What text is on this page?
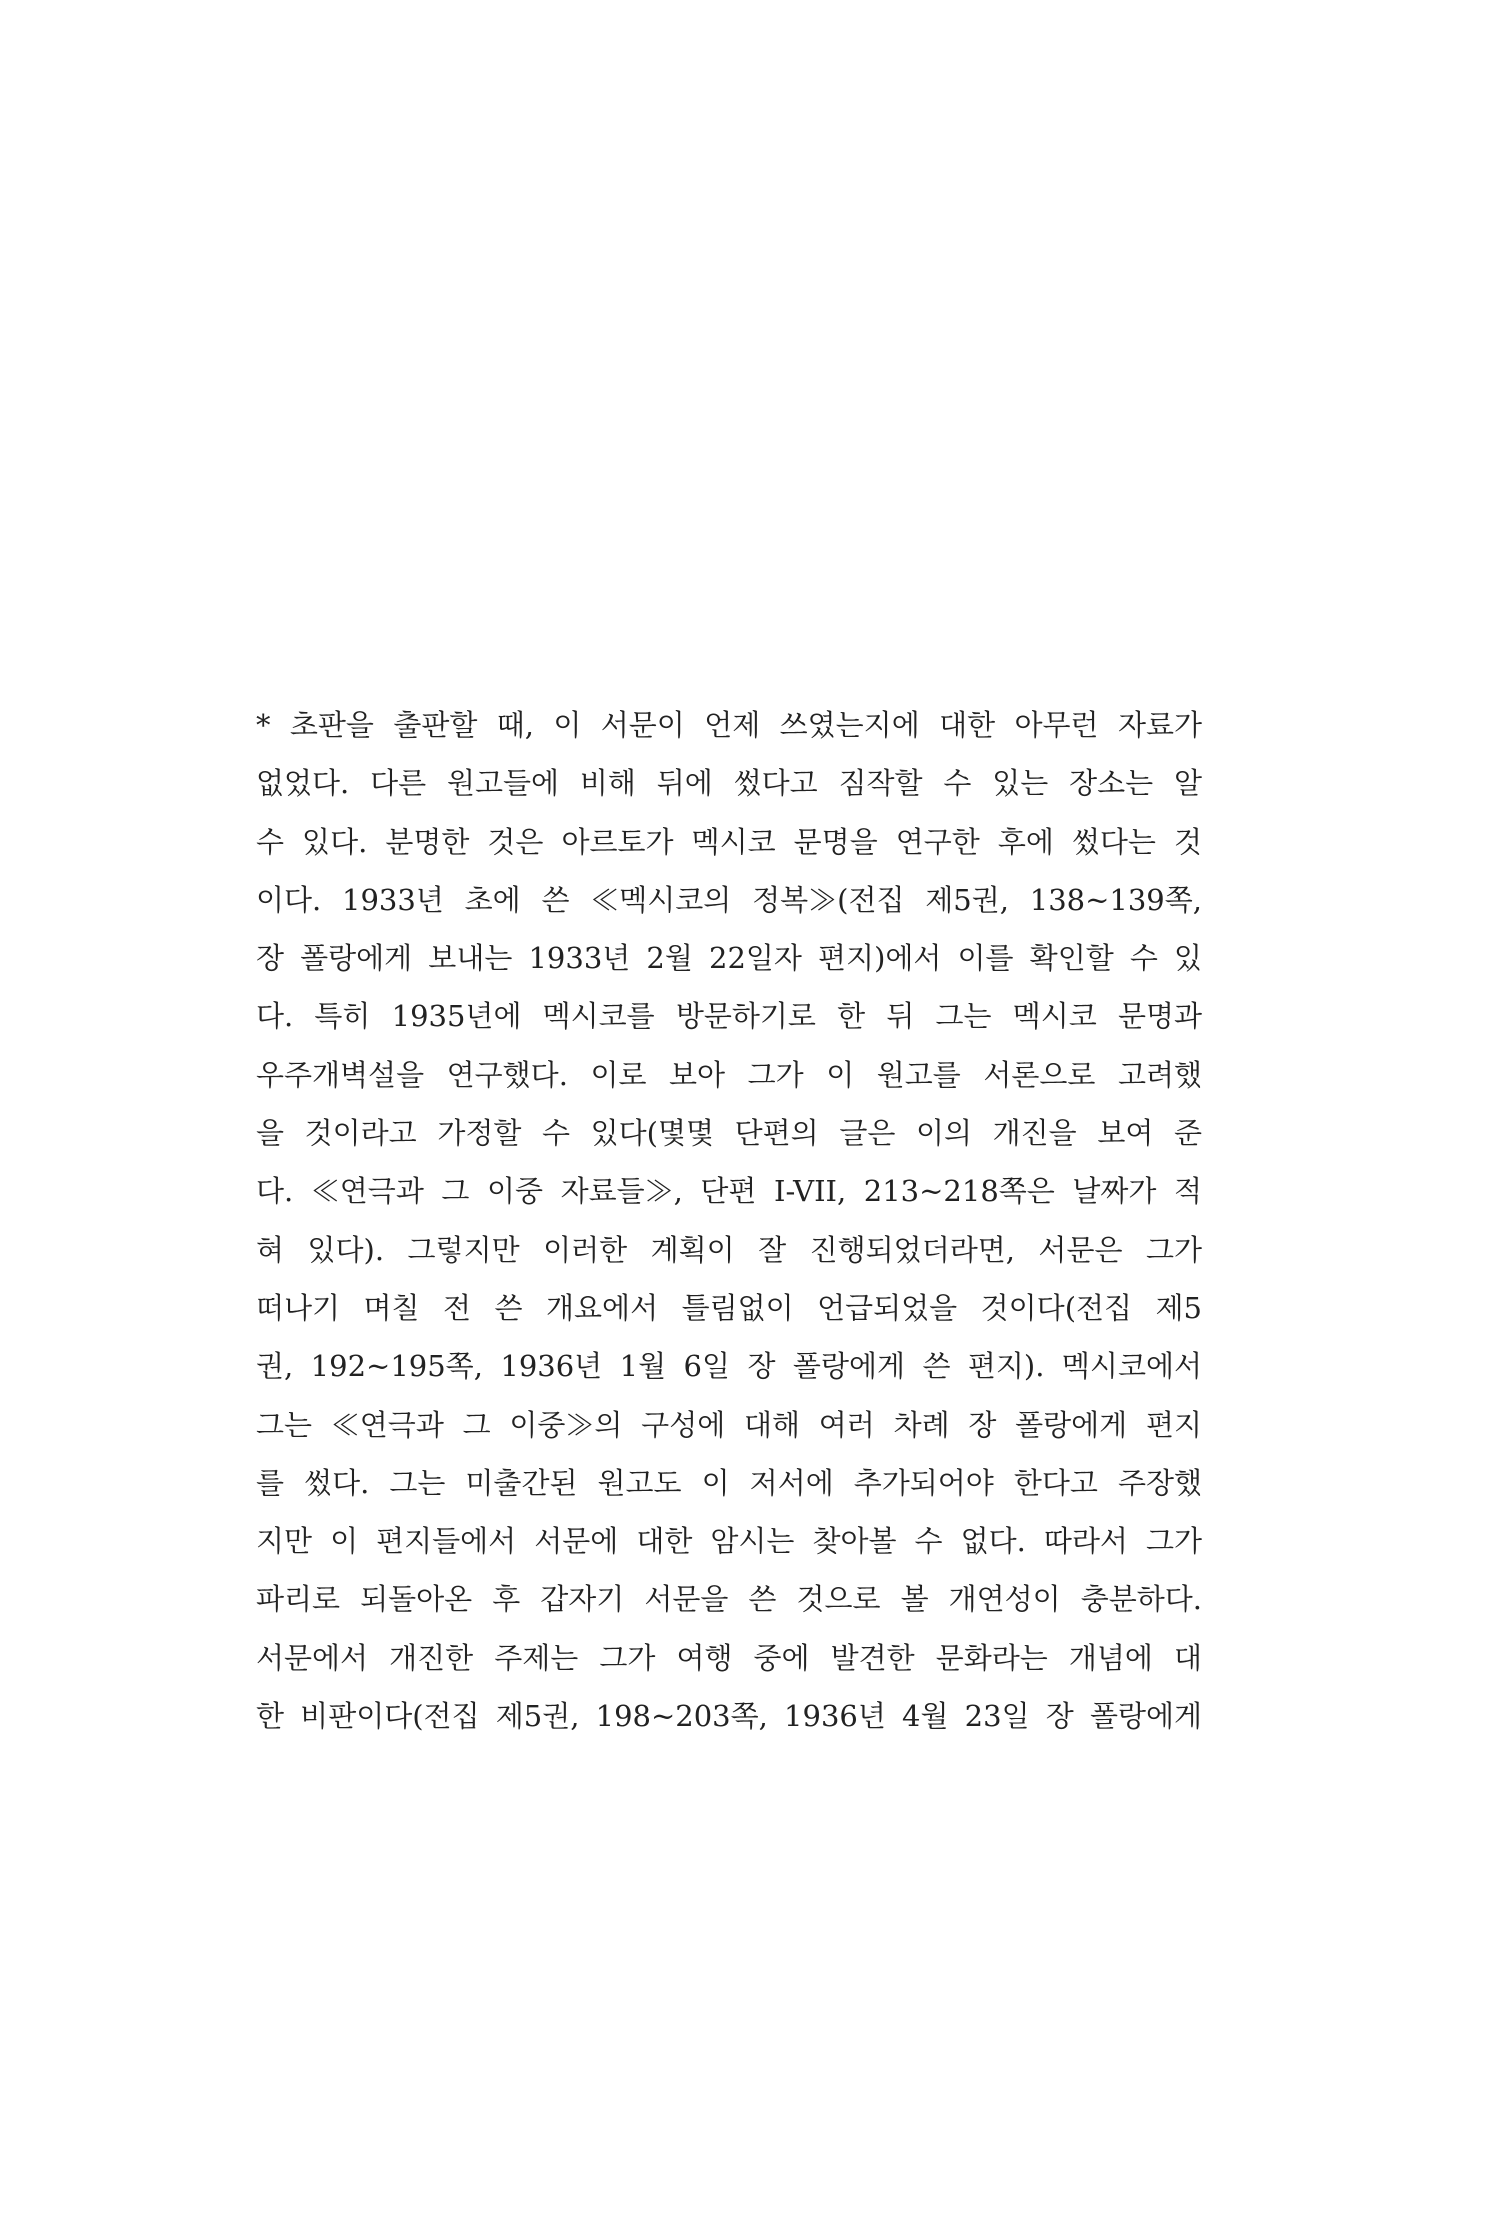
* 초판을 출판할 때, 이 서문이 언제 쓰였는지에 대한 아무런 자료가
없었다. 다른 원고들에 비해 뒤에 썼다고 짐작할 수 있는 장소는 알
수 있다. 분명한 것은 아르토가 멕시코 문명을 연구한 후에 썼다는 것
이다. 1933년 초에 쓴 ≪멕시코의 정복≫(전집 제5권, 138~139쪽,
장 폴랑에게 보내는 1933년 2월 22일자 편지)에서 이를 확인할 수 있
다. 특히 1935년에 멕시코를 방문하기로 한 뒤 그는 멕시코 문명과
우주개벽설을 연구했다. 이로 보아 그가 이 원고를 서론으로 고려했
을 것이라고 가정할 수 있다(몇몇 단편의 글은 이의 개진을 보여 준
다. ≪연극과 그 이중 자료들≫, 단편 I-VII, 213~218쪽은 날짜가 적
혀 있다). 그렇지만 이러한 계획이 잘 진행되었더라면, 서문은 그가
떠나기 며칠 전 쓴 개요에서 틀림없이 언급되었을 것이다(전집 제5
권, 192~195쪽, 1936년 1월 6일 장 폴랑에게 쓴 편지). 멕시코에서
그는 ≪연극과 그 이중≫의 구성에 대해 여러 차례 장 폴랑에게 편지
를 썼다. 그는 미출간된 원고도 이 저서에 추가되어야 한다고 주장했
지만 이 편지들에서 서문에 대한 암시는 찾아볼 수 없다. 따라서 그가
파리로 되돌아온 후 갑자기 서문을 쓴 것으로 볼 개연성이 충분하다.
서문에서 개진한 주제는 그가 여행 중에 발견한 문화라는 개념에 대
한 비판이다(전집 제5권, 198~203쪽, 1936년 4월 23일 장 폴랑에게
